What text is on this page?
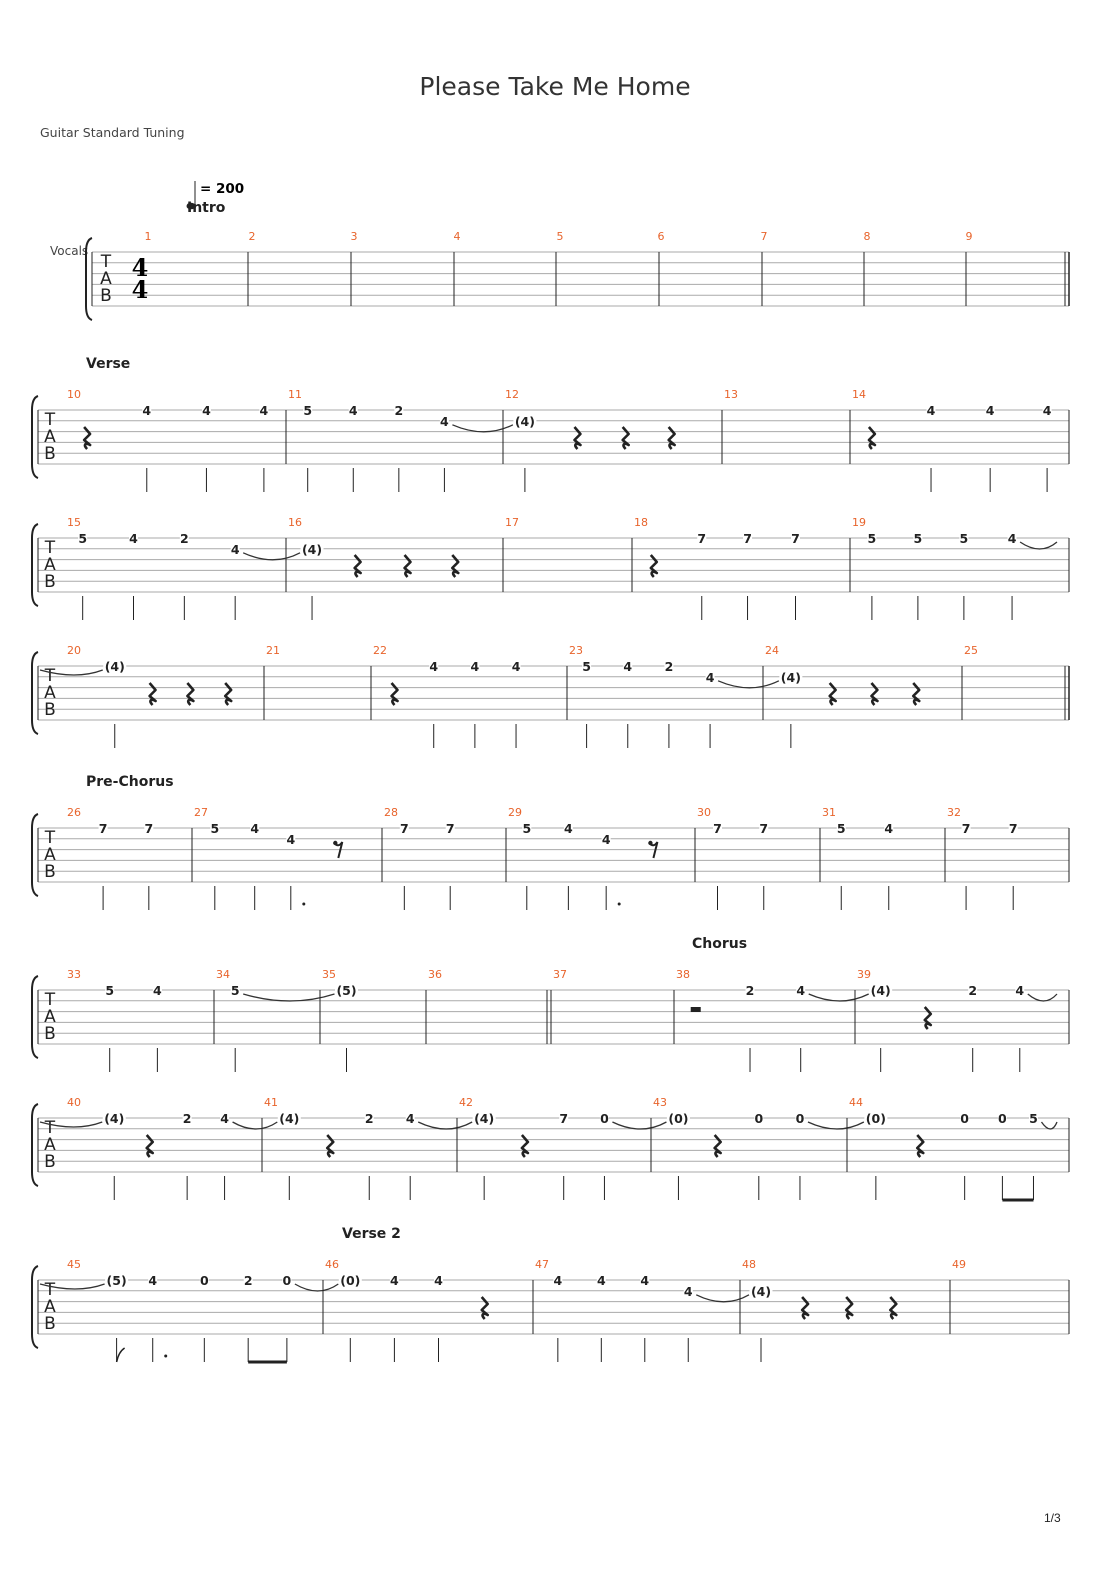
Please Take Me Home
Guitar Standard Tuning
= 200
Vocals
T
A
B
4
4
1
Intro
2	3	4	5	6	7	8	9
T
A
B
10
Verse
4	4	4
11
5	4	2
4
12
(4)
13	14
4	4	4
T
A
B
15
5	4	2
4
16
(4)
17	18
7	7	7
19
5	5	5	4
T
A
B
20
(4)
21	22
4	4	4
23
5	4	2
4
24
(4)
25
T
A
B
26
Pre-Chorus
7	7
27
5 4
4
28
7	7
29
5	4
4
30
7	7
31
5	4
32
7	7
T
A
B
33
5	4
34
5
35
(5)
36	37	38
Chorus
2	4
39
(4)	2	4
T
A
B
40
(4)	2 4
41
(4)	2	4
42
(4)	7	0
43
(0)	0	0
44
(0)	0 0 5
T
A
B
45
(5) 4	0	2 0
46
Verse 2
(0) 4	4
47
4	4	4
4
48
(4)
49
1/3
